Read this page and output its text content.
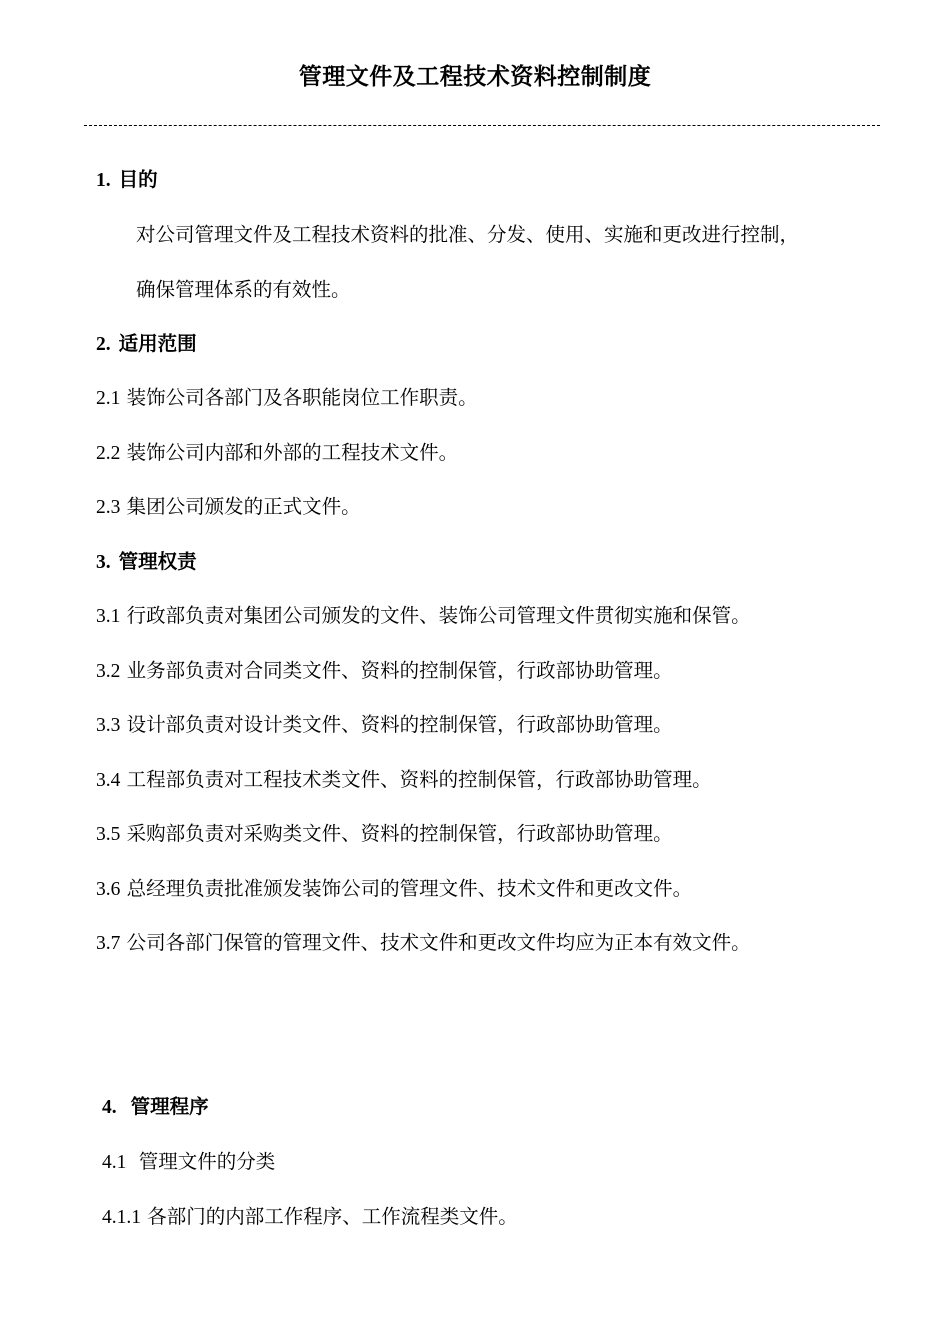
管理文件及工程技术资料控制制度
1. 目的
对公司管理文件及工程技术资料的批准、分发、使用、实施和更改进行控制，
确保管理体系的有效性。
2. 适用范围
2.1 装饰公司各部门及各职能岗位工作职责。
2.2 装饰公司内部和外部的工程技术文件。
2.3 集团公司颁发的正式文件。
3. 管理权责
3.1 行政部负责对集团公司颁发的文件、装饰公司管理文件贯彻实施和保管。
3.2 业务部负责对合同类文件、资料的控制保管，行政部协助管理。
3.3 设计部负责对设计类文件、资料的控制保管，行政部协助管理。
3.4 工程部负责对工程技术类文件、资料的控制保管，行政部协助管理。
3.5 采购部负责对采购类文件、资料的控制保管，行政部协助管理。
3.6 总经理负责批准颁发装饰公司的管理文件、技术文件和更改文件。
3.7 公司各部门保管的管理文件、技术文件和更改文件均应为正本有效文件。
4. 管理程序
4.1 管理文件的分类
4.1.1 各部门的内部工作程序、工作流程类文件。
